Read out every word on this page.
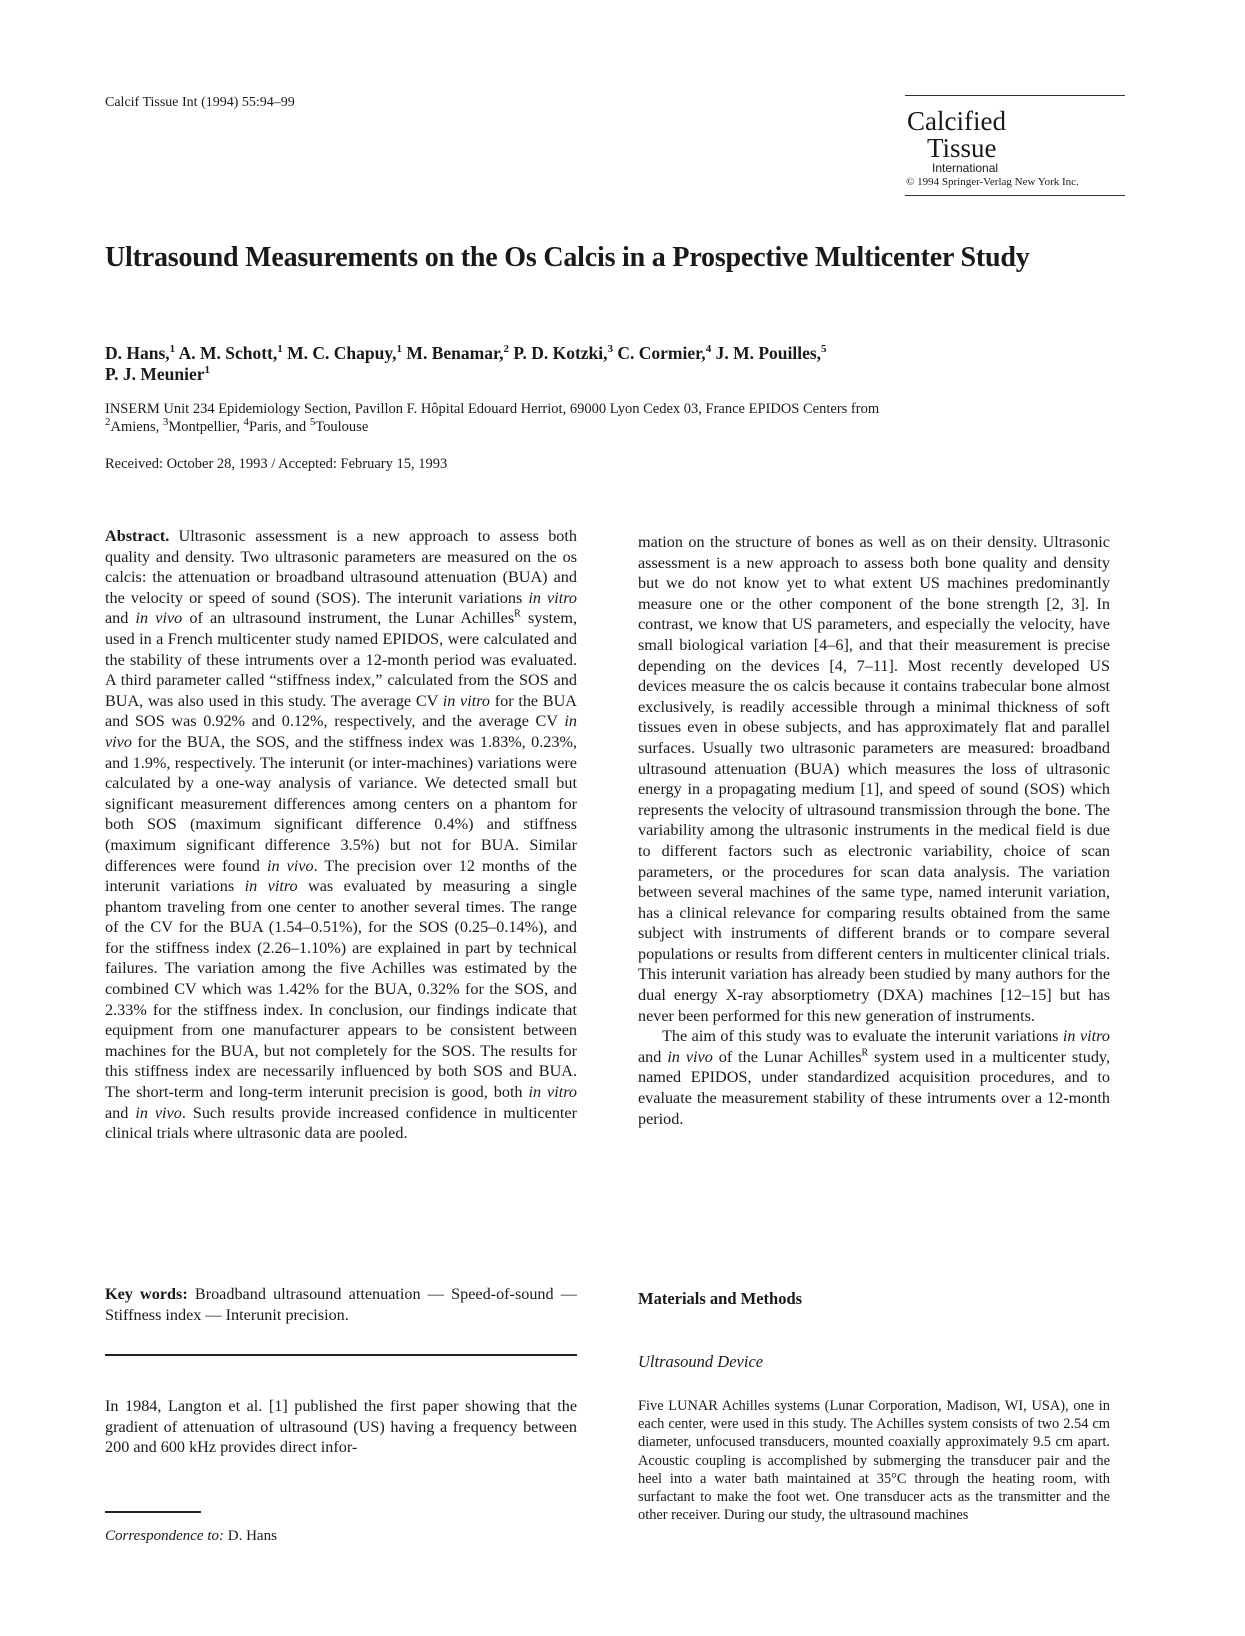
Calcif Tissue Int (1994) 55:94–99
Calcified
Tissue
International
© 1994 Springer-Verlag New York Inc.
Ultrasound Measurements on the Os Calcis in a Prospective Multicenter Study
D. Hans,$^1$ A. M. Schott,$^1$ M. C. Chapuy,$^1$ M. Benamar,$^2$ P. D. Kotzki,$^3$ C. Cormier,$^4$ J. M. Pouilles,$^5$
P. J. Meunier$^1$
INSERM Unit 234 Epidemiology Section, Pavillon F. Hôpital Edouard Herriot, 69000 Lyon Cedex 03, France EPIDOS Centers from
$^2$Amiens, $^3$Montpellier, $^4$Paris, and $^5$Toulouse
Received: October 28, 1993 / Accepted: February 15, 1993

Abstract. Ultrasonic assessment is a new approach to assess both quality and density. Two ultrasonic parameters are measured on the os calcis: the attenuation or broadband ultrasound attenuation (BUA) and the velocity or speed of sound (SOS). The interunit variations in vitro and in vivo of an ultrasound instrument, the Lunar Achilles$^R$ system, used in a French multicenter study named EPIDOS, were calculated and the stability of these intruments over a 12-month period was evaluated. A third parameter called “stiffness index,” calculated from the SOS and BUA, was also used in this study. The average CV in vitro for the BUA and SOS was 0.92% and 0.12%, respectively, and the average CV in vivo for the BUA, the SOS, and the stiffness index was 1.83%, 0.23%, and 1.9%, respectively. The interunit (or inter-machines) variations were calculated by a one-way analysis of variance. We detected small but significant measurement differences among centers on a phantom for both SOS (maximum significant difference 0.4%) and stiffness (maximum significant difference 3.5%) but not for BUA. Similar differences were found in vivo. The precision over 12 months of the interunit variations in vitro was evaluated by measuring a single phantom traveling from one center to another several times. The range of the CV for the BUA (1.54–0.51%), for the SOS (0.25–0.14%), and for the stiffness index (2.26–1.10%) are explained in part by technical failures. The variation among the five Achilles was estimated by the combined CV which was 1.42% for the BUA, 0.32% for the SOS, and 2.33% for the stiffness index. In conclusion, our findings indicate that equipment from one manufacturer appears to be consistent between machines for the BUA, but not completely for the SOS. The results for this stiffness index are necessarily influenced by both SOS and BUA. The short-term and long-term interunit precision is good, both in vitro and in vivo. Such results provide increased confidence in multicenter clinical trials where ultrasonic data are pooled.

Key words: Broadband ultrasound attenuation — Speed-of-sound — Stiffness index — Interunit precision.

In 1984, Langton et al. [1] published the first paper showing that the gradient of attenuation of ultrasound (US) having a frequency between 200 and 600 kHz provides direct infor-

Correspondence to: D. Hans

mation on the structure of bones as well as on their density. Ultrasonic assessment is a new approach to assess both bone quality and density but we do not know yet to what extent US machines predominantly measure one or the other component of the bone strength [2, 3]. In contrast, we know that US parameters, and especially the velocity, have small biological variation [4–6], and that their measurement is precise depending on the devices [4, 7–11]. Most recently developed US devices measure the os calcis because it contains trabecular bone almost exclusively, is readily accessible through a minimal thickness of soft tissues even in obese subjects, and has approximately flat and parallel surfaces. Usually two ultrasonic parameters are measured: broadband ultrasound attenuation (BUA) which measures the loss of ultrasonic energy in a propagating medium [1], and speed of sound (SOS) which represents the velocity of ultrasound transmission through the bone. The variability among the ultrasonic instruments in the medical field is due to different factors such as electronic variability, choice of scan parameters, or the procedures for scan data analysis. The variation between several machines of the same type, named interunit variation, has a clinical relevance for comparing results obtained from the same subject with instruments of different brands or to compare several populations or results from different centers in multicenter clinical trials. This interunit variation has already been studied by many authors for the dual energy X-ray absorptiometry (DXA) machines [12–15] but has never been performed for this new generation of instruments.

The aim of this study was to evaluate the interunit variations in vitro and in vivo of the Lunar Achilles$^R$ system used in a multicenter study, named EPIDOS, under standardized acquisition procedures, and to evaluate the measurement stability of these intruments over a 12-month period.

Materials and Methods
Ultrasound Device
Five LUNAR Achilles systems (Lunar Corporation, Madison, WI, USA), one in each center, were used in this study. The Achilles system consists of two 2.54 cm diameter, unfocused transducers, mounted coaxially approximately 9.5 cm apart. Acoustic coupling is accomplished by submerging the transducer pair and the heel into a water bath maintained at 35°C through the heating room, with surfactant to make the foot wet. One transducer acts as the transmitter and the other receiver. During our study, the ultrasound machines
